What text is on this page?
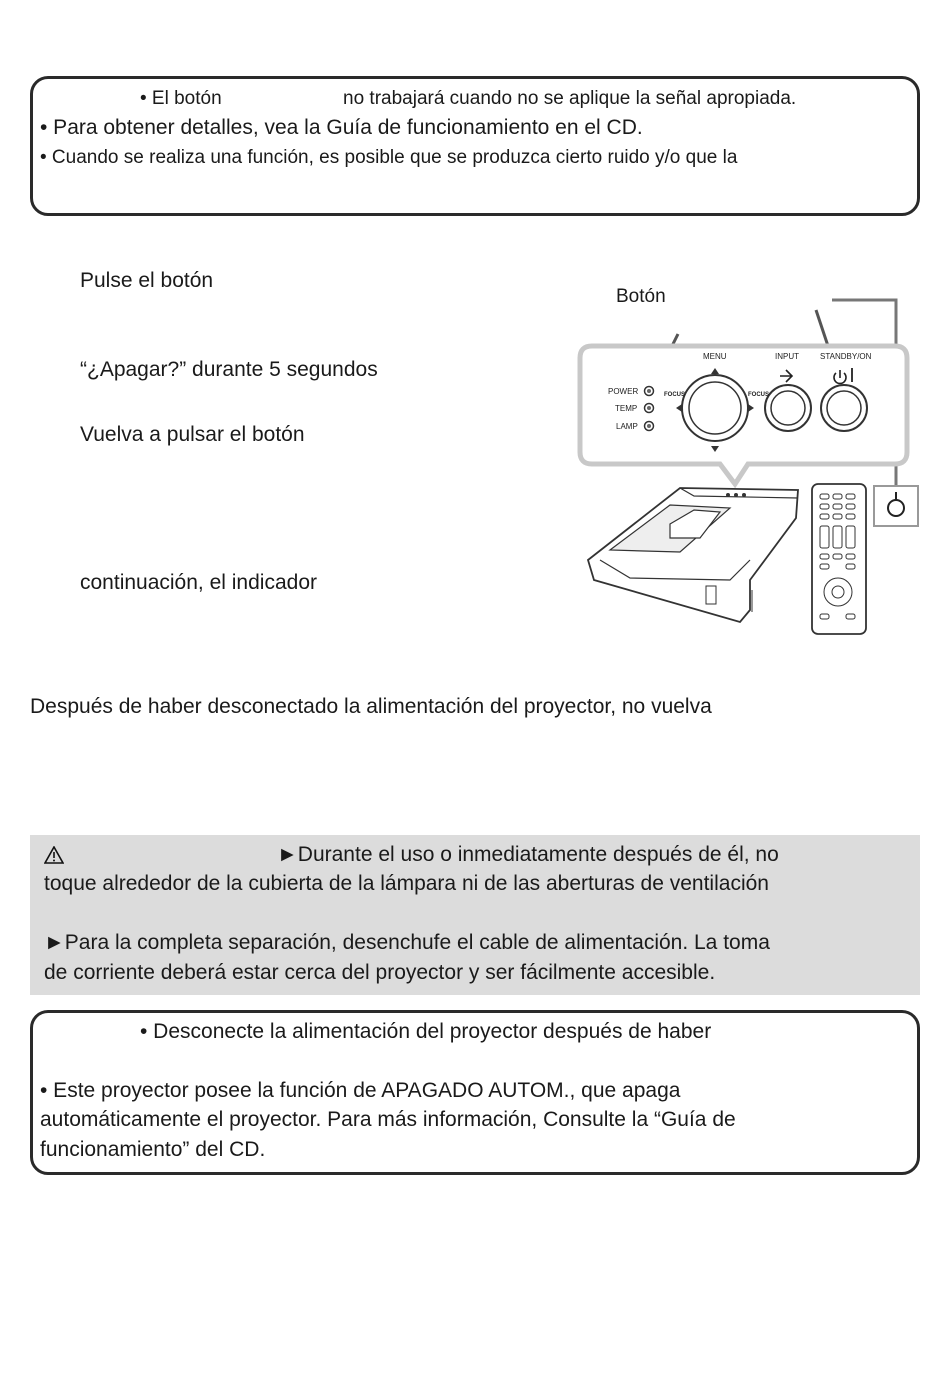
• El botón	no trabajará cuando no se aplique la señal apropiada.
• Para obtener detalles, vea la Guía de funcionamiento en el CD.
• Cuando se realiza una función, es posible que se produzca cierto ruido y/o que la
Pulse el botón
“¿Apagar?” durante 5 segundos
Vuelva a pulsar el botón
continuación, el indicador
Botón
MENU	INPUT	STANDBY/ON
POWER
TEMP
LAMP
FOCUS	FOCUS
Después de haber desconectado la alimentación del proyector, no vuelva
►Durante el uso o inmediatamente después de él, no
toque alrededor de la cubierta de la lámpara ni de las aberturas de ventilación
►Para la completa separación, desenchufe el cable de alimentación. La toma
de corriente deberá estar cerca del proyector y ser fácilmente accesible.
• Desconecte la alimentación del proyector después de haber
• Este proyector posee la función de APAGADO AUTOM., que apaga
automáticamente el proyector. Para más información, Consulte la “Guía de
funcionamiento” del CD.
